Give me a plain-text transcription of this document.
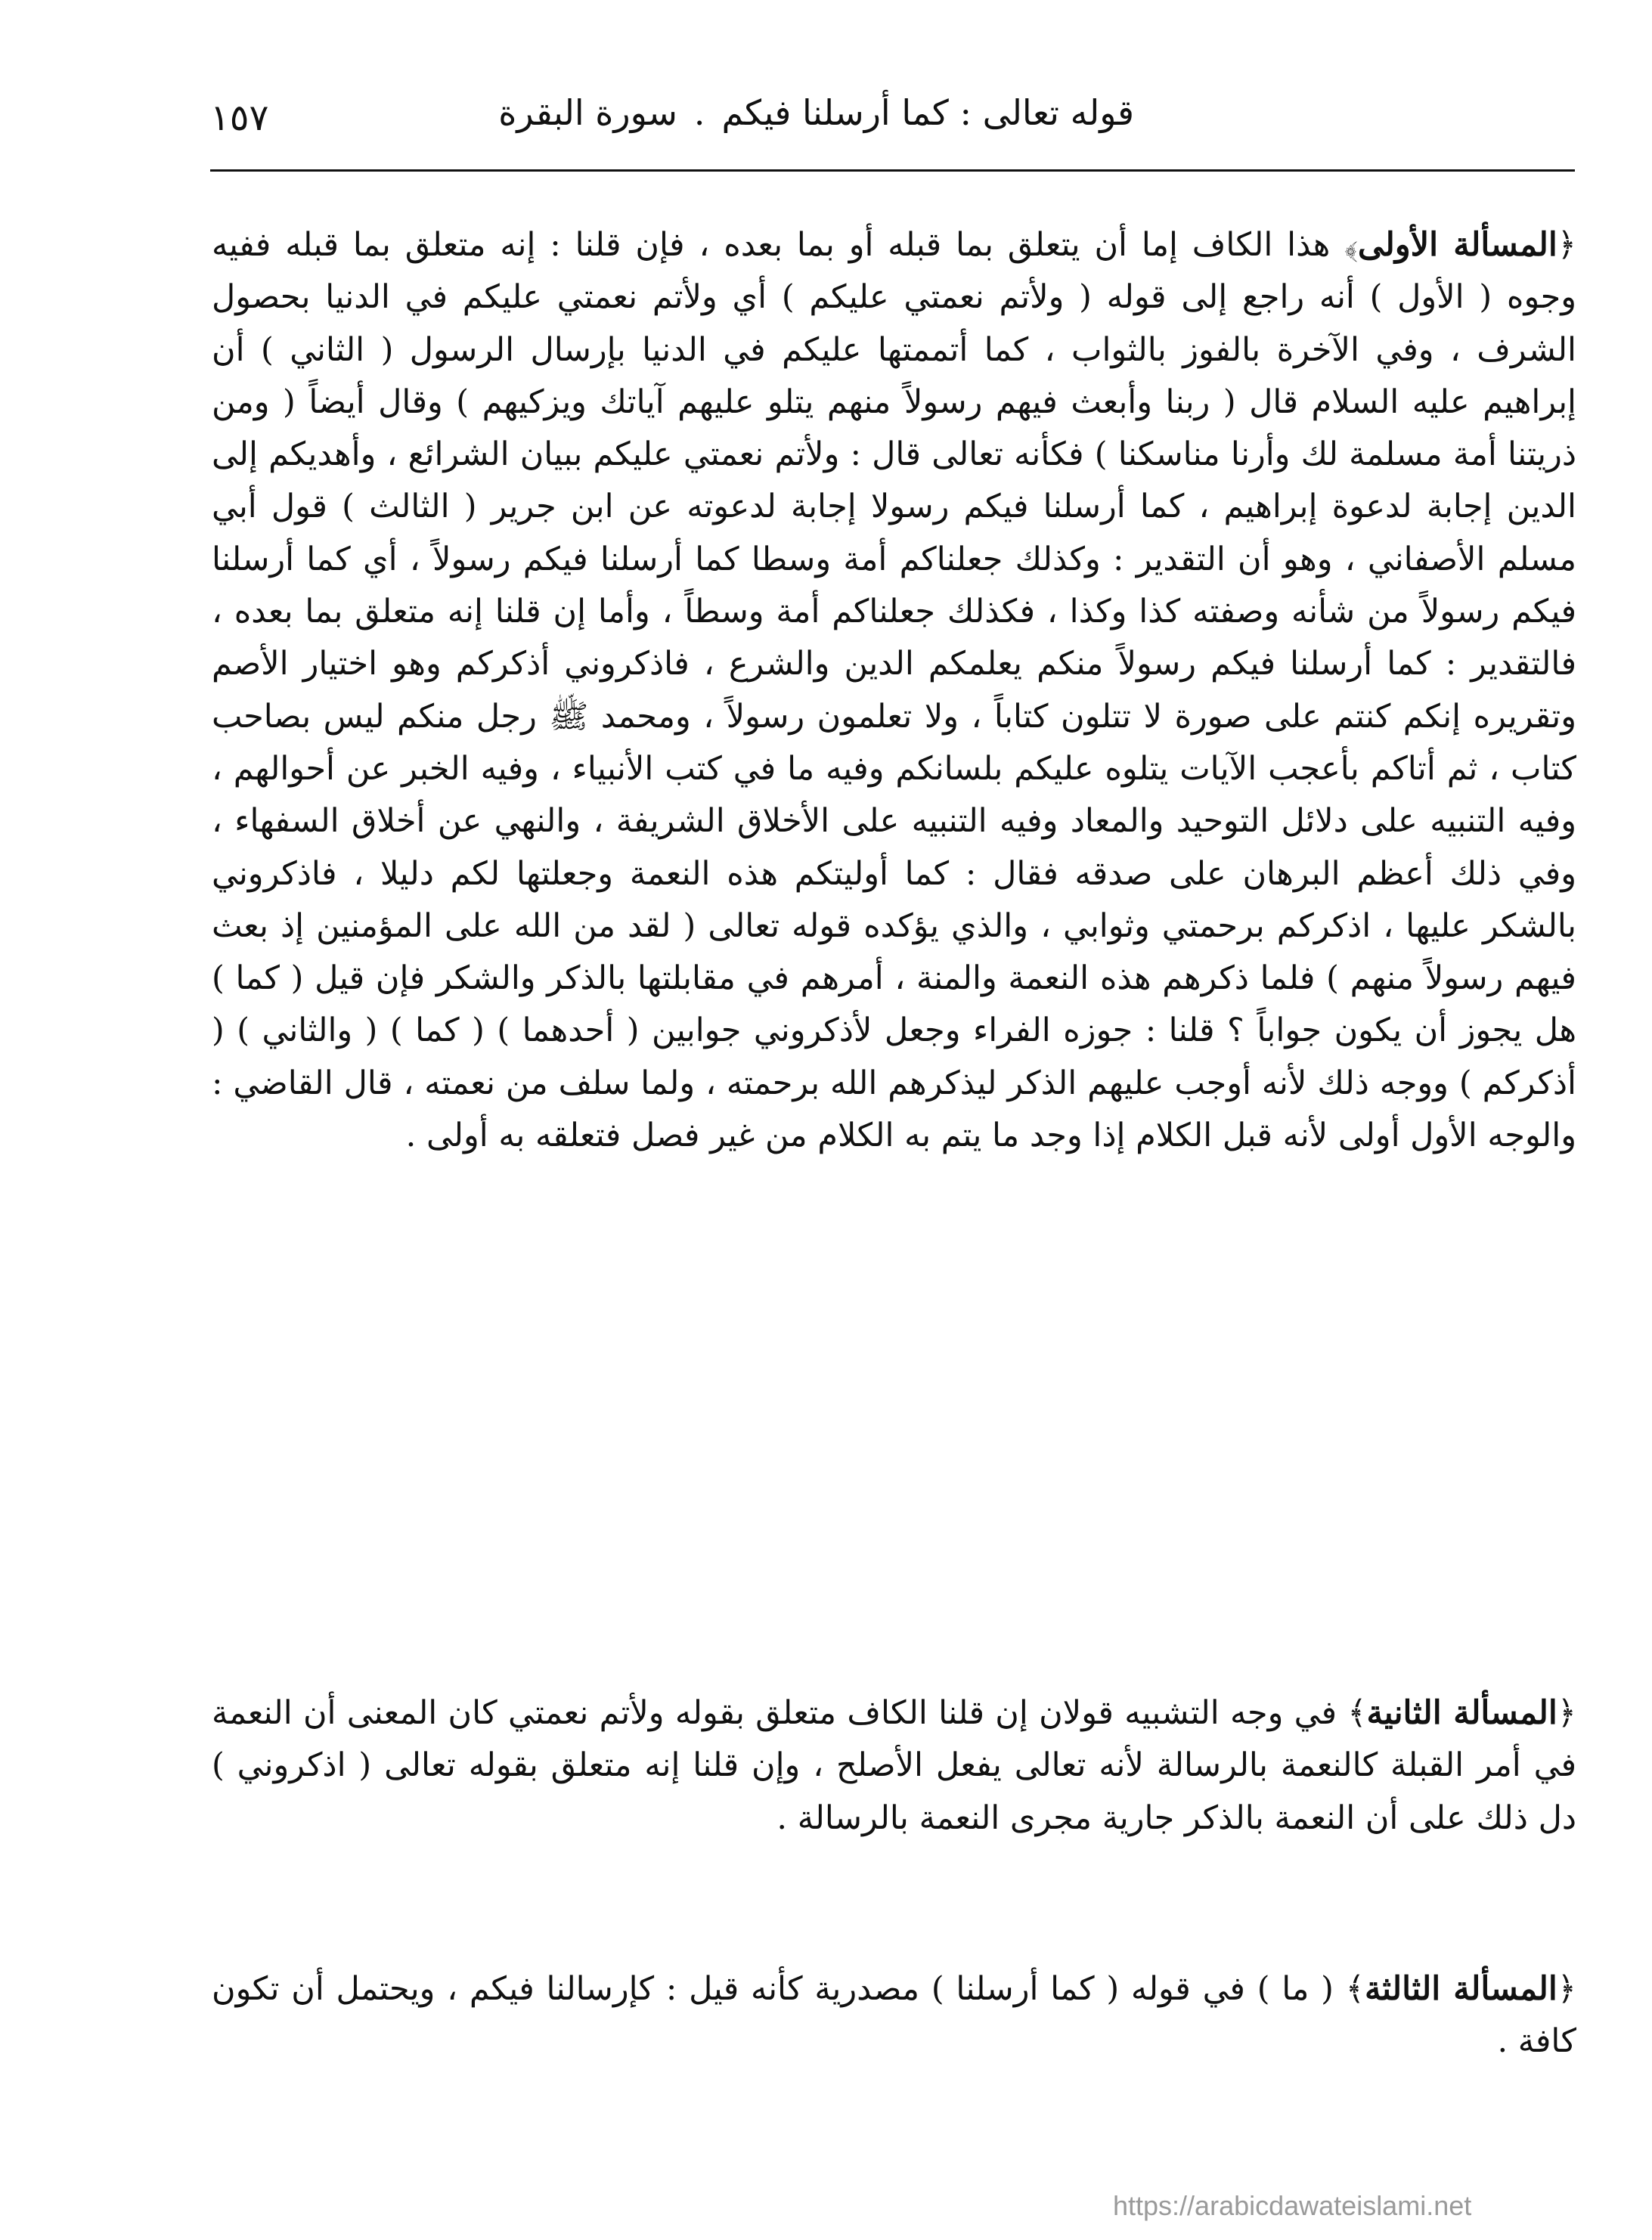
١٥٧	قوله تعالى : كما أرسلنا فيكم.سورة البقرة
﴿المسألة الأولى﴾ هذا الكاف إما أن يتعلق بما قبله أو بما بعده ، فإن قلنا : إنه متعلق بما قبله ففيه وجوه ( الأول ) أنه راجع إلى قوله ( ولأتم نعمتي عليكم ) أي ولأتم نعمتي عليكم في الدنيا بحصول الشرف ، وفي الآخرة بالفوز بالثواب ، كما أتممتها عليكم في الدنيا بإرسال الرسول ( الثاني ) أن إبراهيم عليه السلام قال ( ربنا وأبعث فيهم رسولاً منهم يتلو عليهم آياتك ويزكيهم ) وقال أيضاً ( ومن ذريتنا أمة مسلمة لك وأرنا مناسكنا ) فكأنه تعالى قال : ولأتم نعمتي عليكم ببيان الشرائع ، وأهديكم إلى الدين إجابة لدعوة إبراهيم ، كما أرسلنا فيكم رسولا إجابة لدعوته عن ابن جرير ( الثالث ) قول أبي مسلم الأصفاني ، وهو أن التقدير : وكذلك جعلناكم أمة وسطا كما أرسلنا فيكم رسولاً ، أي كما أرسلنا فيكم رسولاً من شأنه وصفته كذا وكذا ، فكذلك جعلناكم أمة وسطاً ، وأما إن قلنا إنه متعلق بما بعده ، فالتقدير : كما أرسلنا فيكم رسولاً منكم يعلمكم الدين والشرع ، فاذكروني أذكركم وهو اختيار الأصم وتقريره إنكم كنتم على صورة لا تتلون كتاباً ، ولا تعلمون رسولاً ، ومحمد ﷺ رجل منكم ليس بصاحب كتاب ، ثم أتاكم بأعجب الآيات يتلوه عليكم بلسانكم وفيه ما في كتب الأنبياء ، وفيه الخبر عن أحوالهم ، وفيه التنبيه على دلائل التوحيد والمعاد وفيه التنبيه على الأخلاق الشريفة ، والنهي عن أخلاق السفهاء ، وفي ذلك أعظم البرهان على صدقه فقال : كما أوليتكم هذه النعمة وجعلتها لكم دليلا ، فاذكروني بالشكر عليها ، اذكركم برحمتي وثوابي ، والذي يؤكده قوله تعالى ( لقد من الله على المؤمنين إذ بعث فيهم رسولاً منهم ) فلما ذكرهم هذه النعمة والمنة ، أمرهم في مقابلتها بالذكر والشكر فإن قيل ( كما ) هل يجوز أن يكون جواباً ؟ قلنا : جوزه الفراء وجعل لأذكروني جوابين ( أحدهما ) ( كما ) ( والثاني ) ( أذكركم ) ووجه ذلك لأنه أوجب عليهم الذكر ليذكرهم الله برحمته ، ولما سلف من نعمته ، قال القاضي : والوجه الأول أولى لأنه قبل الكلام إذا وجد ما يتم به الكلام من غير فصل فتعلقه به أولى .
﴿المسألة الثانية﴾ في وجه التشبيه قولان إن قلنا الكاف متعلق بقوله ولأتم نعمتي كان المعنى أن النعمة في أمر القبلة كالنعمة بالرسالة لأنه تعالى يفعل الأصلح ، وإن قلنا إنه متعلق بقوله تعالى ( اذكروني ) دل ذلك على أن النعمة بالذكر جارية مجرى النعمة بالرسالة .
﴿المسألة الثالثة﴾ ( ما ) في قوله ( كما أرسلنا ) مصدرية كأنه قيل : كإرسالنا فيكم ، ويحتمل أن تكون كافة .
https://arabicdawateislami.net
